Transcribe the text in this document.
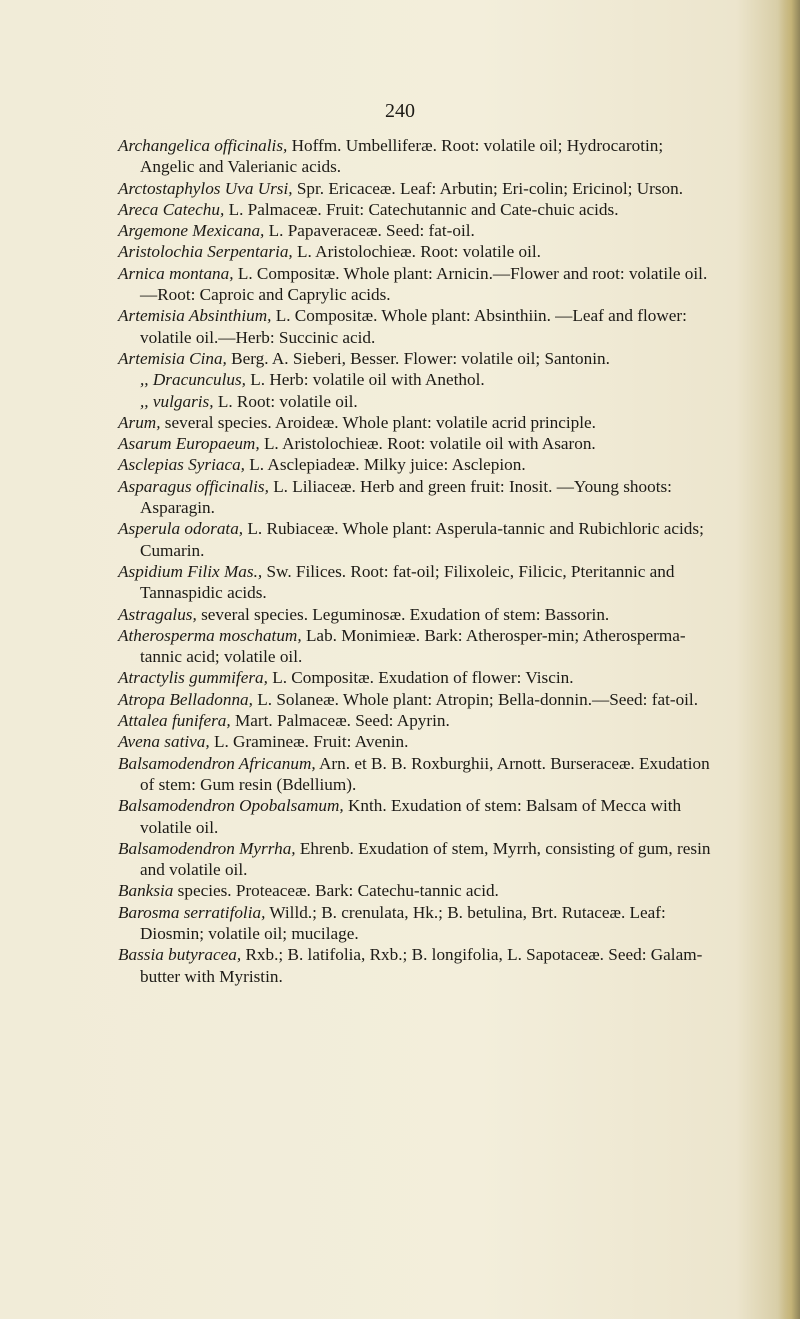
240

Archangelica officinalis, Hoffm. Umbelliferæ. Root: volatile oil; Hydrocarotin; Angelic and Valerianic acids.

Arctostaphylos Uva Ursi, Spr. Ericaceæ. Leaf: Arbutin; Eri-colin; Ericinol; Urson.

Areca Catechu, L. Palmaceæ. Fruit: Catechutannic and Cate-chuic acids.

Argemone Mexicana, L. Papaveraceæ. Seed: fat-oil.

Aristolochia Serpentaria, L. Aristolochieæ. Root: volatile oil.

Arnica montana, L. Compositæ. Whole plant: Arnicin.—Flower and root: volatile oil.—Root: Caproic and Caprylic acids.

Artemisia Absinthium, L. Compositæ. Whole plant: Absinthiin. —Leaf and flower: volatile oil.—Herb: Succinic acid.

Artemisia Cina, Berg. A. Sieberi, Besser. Flower: volatile oil; Santonin.

,, Dracunculus, L. Herb: volatile oil with Anethol.

,, vulgaris, L. Root: volatile oil.

Arum, several species. Aroideæ. Whole plant: volatile acrid principle.

Asarum Europaeum, L. Aristolochieæ. Root: volatile oil with Asaron.

Asclepias Syriaca, L. Asclepiadeæ. Milky juice: Asclepion.

Asparagus officinalis, L. Liliaceæ. Herb and green fruit: Inosit. —Young shoots: Asparagin.

Asperula odorata, L. Rubiaceæ. Whole plant: Asperula-tannic and Rubichloric acids; Cumarin.

Aspidium Filix Mas., Sw. Filices. Root: fat-oil; Filixoleic, Filicic, Pteritannic and Tannaspidic acids.

Astragalus, several species. Leguminosæ. Exudation of stem: Bassorin.

Atherosperma moschatum, Lab. Monimieæ. Bark: Atherosper-min; Atherosperma-tannic acid; volatile oil.

Atractylis gummifera, L. Compositæ. Exudation of flower: Viscin.

Atropa Belladonna, L. Solaneæ. Whole plant: Atropin; Bella-donnin.—Seed: fat-oil.

Attalea funifera, Mart. Palmaceæ. Seed: Apyrin.

Avena sativa, L. Gramineæ. Fruit: Avenin.

Balsamodendron Africanum, Arn. et B. B. Roxburghii, Arnott. Burseraceæ. Exudation of stem: Gum resin (Bdellium).

Balsamodendron Opobalsamum, Knth. Exudation of stem: Balsam of Mecca with volatile oil.

Balsamodendron Myrrha, Ehrenb. Exudation of stem, Myrrh, consisting of gum, resin and volatile oil.

Banksia species. Proteaceæ. Bark: Catechu-tannic acid.

Barosma serratifolia, Willd.; B. crenulata, Hk.; B. betulina, Brt. Rutaceæ. Leaf: Diosmin; volatile oil; mucilage.

Bassia butyracea, Rxb.; B. latifolia, Rxb.; B. longifolia, L. Sapotaceæ. Seed: Galam-butter with Myristin.
